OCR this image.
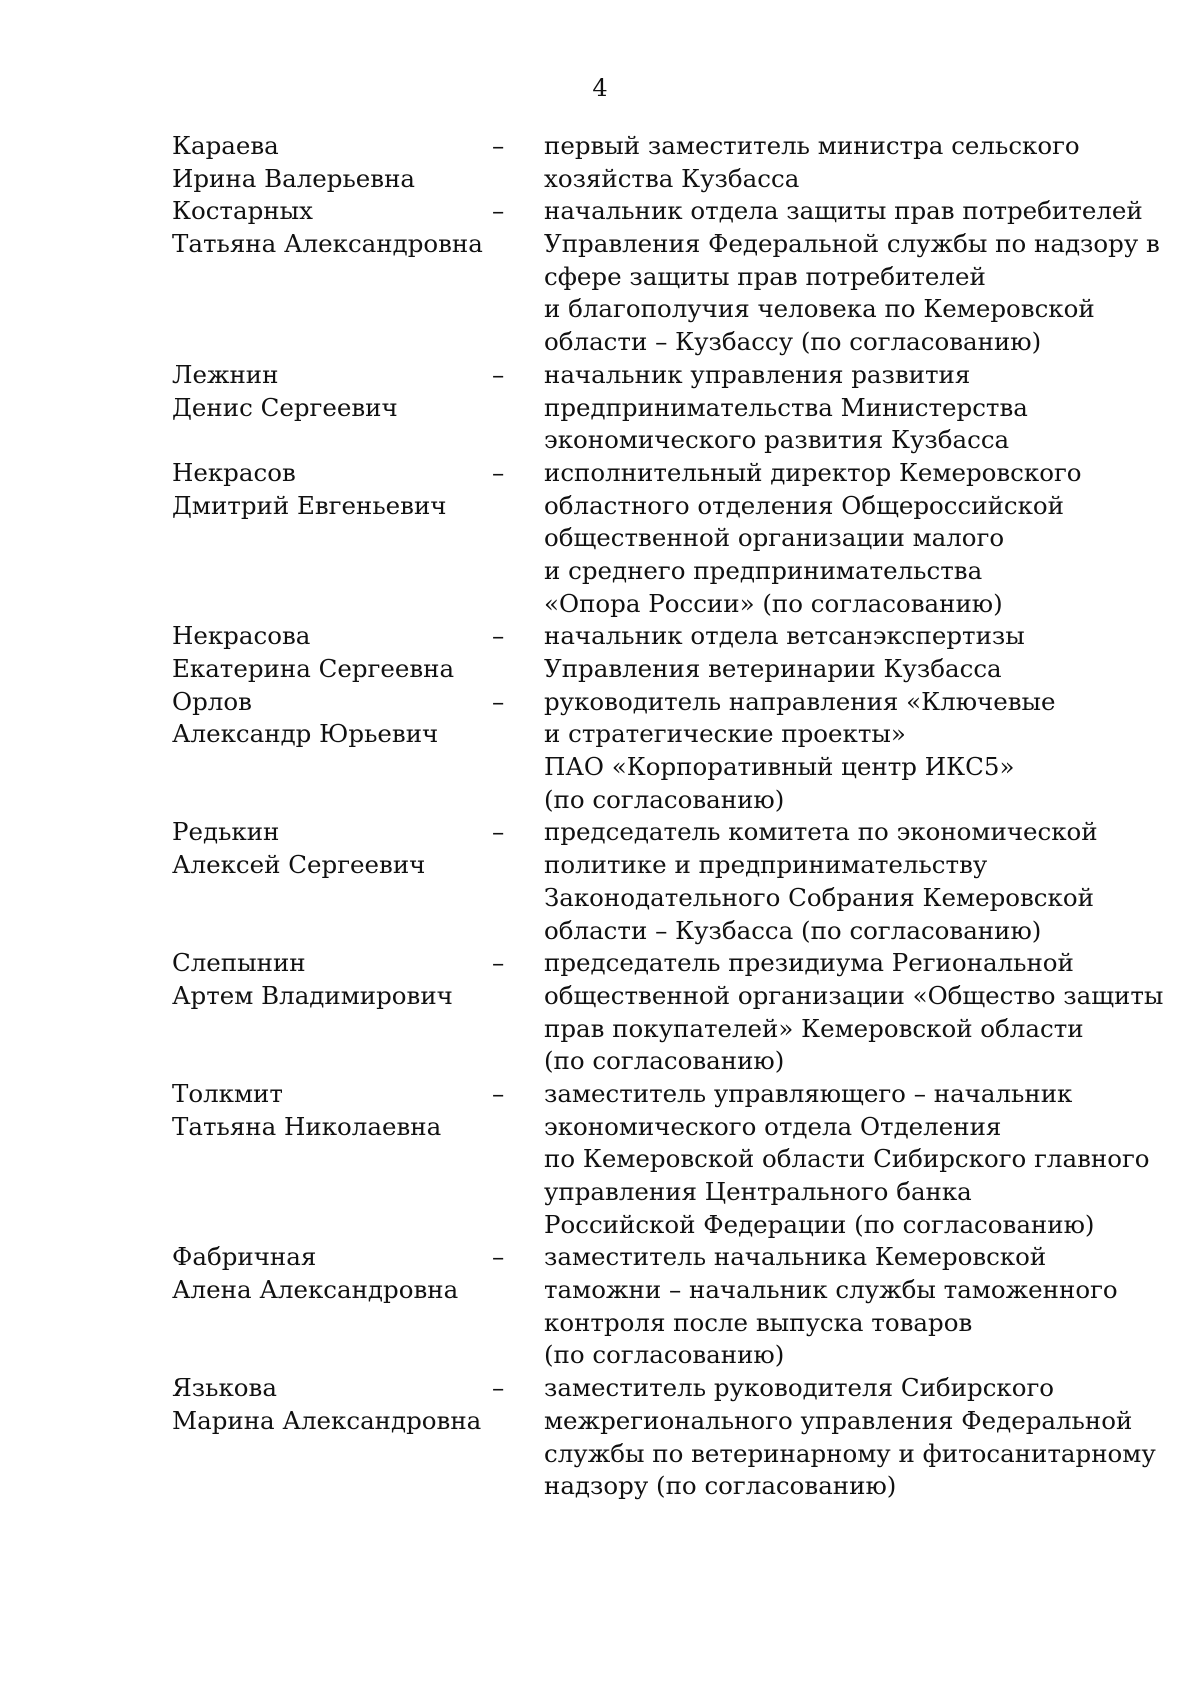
4
Караева
Ирина Валерьевна
–	первый заместитель министра сельского
хозяйства Кузбасса
Костарных
Татьяна Александровна
–	начальник отдела защиты прав потребителей
Управления Федеральной службы по надзору в
сфере защиты прав потребителей
и благополучия человека по Кемеровской
области – Кузбассу (по согласованию)
Лежнин
Денис Сергеевич
–	начальник управления развития
предпринимательства Министерства
экономического развития Кузбасса
Некрасов
Дмитрий Евгеньевич
–	исполнительный директор Кемеровского
областного отделения Общероссийской
общественной организации малого
и среднего предпринимательства
«Опора России» (по согласованию)
Некрасова
Екатерина Сергеевна
–	начальник отдела ветсанэкспертизы
Управления ветеринарии Кузбасса
Орлов
Александр Юрьевич
–	руководитель направления «Ключевые
и стратегические проекты»
ПАО «Корпоративный центр ИКС5»
(по согласованию)
Редькин
Алексей Сергеевич
–	председатель комитета по экономической
политике и предпринимательству
Законодательного Собрания Кемеровской
области – Кузбасса (по согласованию)
Слепынин
Артем Владимирович
–	председатель президиума Региональной
общественной организации «Общество защиты
прав покупателей» Кемеровской области
(по согласованию)
Толкмит
Татьяна Николаевна
–	заместитель управляющего – начальник
экономического отдела Отделения
по Кемеровской области Сибирского главного
управления Центрального банка
Российской Федерации (по согласованию)
Фабричная
Алена Александровна
–	заместитель начальника Кемеровской
таможни – начальник службы таможенного
контроля после выпуска товаров
(по согласованию)
Язькова
Марина Александровна
–	заместитель руководителя Сибирского
межрегионального управления Федеральной
службы по ветеринарному и фитосанитарному
надзору (по согласованию)
